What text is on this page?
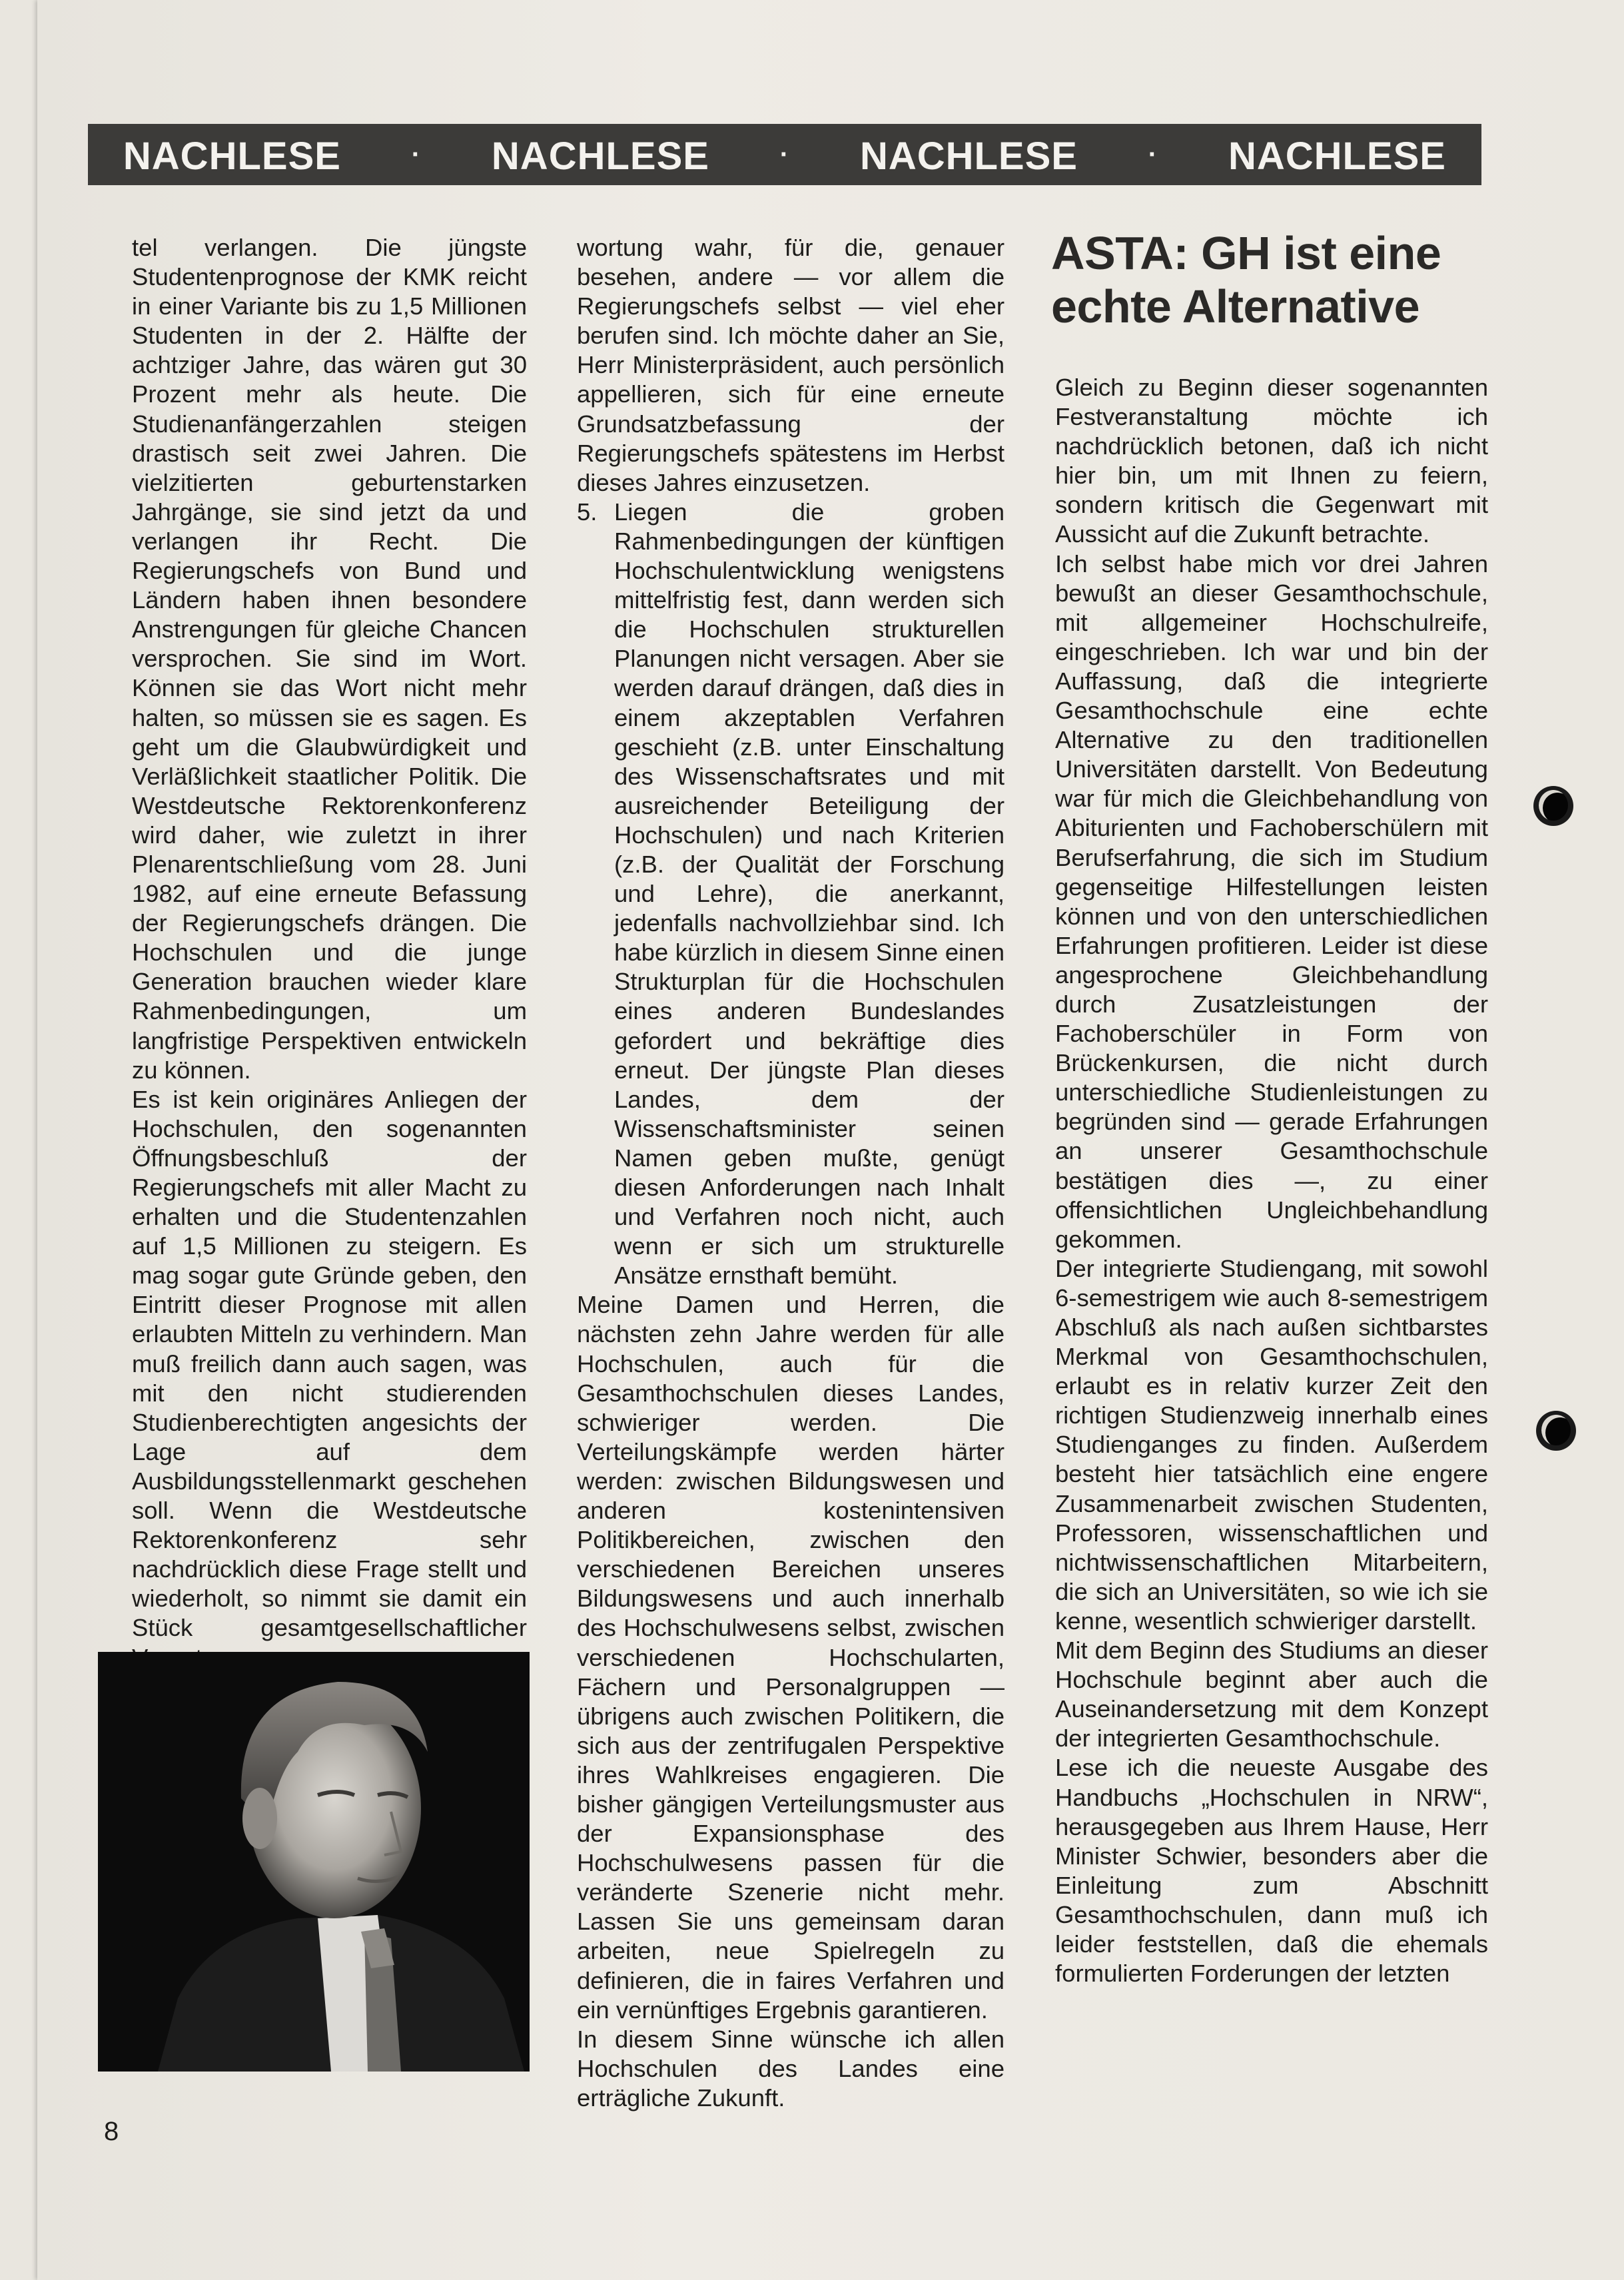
NACHLESE	· NACHLESE	· NACHLESE	· NACHLESE

tel verlangen. Die jüngste Studentenprognose der KMK reicht in einer Variante bis zu 1,5 Millionen Studenten in der 2. Hälfte der achtziger Jahre, das wären gut 30 Prozent mehr als heute. Die Studienanfängerzahlen steigen drastisch seit zwei Jahren. Die vielzitierten geburtenstarken Jahrgänge, sie sind jetzt da und verlangen ihr Recht. Die Regierungschefs von Bund und Ländern haben ihnen besondere Anstrengungen für gleiche Chancen versprochen. Sie sind im Wort. Können sie das Wort nicht mehr halten, so müssen sie es sagen. Es geht um die Glaubwürdigkeit und Verläßlichkeit staatlicher Politik. Die Westdeutsche Rektorenkonferenz wird daher, wie zuletzt in ihrer Plenarentschließung vom 28. Juni 1982, auf eine erneute Befassung der Regierungschefs drängen. Die Hochschulen und die junge Generation brauchen wieder klare Rahmenbedingungen, um langfristige Perspektiven entwickeln zu können.

Es ist kein originäres Anliegen der Hochschulen, den sogenannten Öffnungsbeschluß der Regierungschefs mit aller Macht zu erhalten und die Studentenzahlen auf 1,5 Millionen zu steigern. Es mag sogar gute Gründe geben, den Eintritt dieser Prognose mit allen erlaubten Mitteln zu verhindern. Man muß freilich dann auch sagen, was mit den nicht studierenden Studienberechtigten angesichts der Lage auf dem Ausbildungsstellenmarkt geschehen soll. Wenn die Westdeutsche Rektorenkonferenz sehr nachdrücklich diese Frage stellt und wiederholt, so nimmt sie damit ein Stück gesamtgesellschaftlicher

wortung wahr, für die, genauer besehen, andere — vor allem die Regierungschefs selbst — viel eher berufen sind. Ich möchte daher an Sie, Herr Ministerpräsident, auch persönlich appellieren, sich für eine erneute Grundsatzbefassung der Regierungschefs spätestens im Herbst dieses Jahres einzusetzen.

5. Liegen die groben Rahmenbedingungen der künftigen Hochschulentwicklung wenigstens mittelfristig fest, dann werden sich die Hochschulen strukturellen Planungen nicht versagen. Aber sie werden darauf drängen, daß dies in einem akzeptablen Verfahren geschieht (z.B. unter Einschaltung des Wissenschaftsrates und mit ausreichender Beteiligung der Hochschulen) und nach Kriterien (z.B. der Qualität der Forschung und Lehre), die anerkannt, jedenfalls nachvollziehbar sind. Ich habe kürzlich in diesem Sinne einen Strukturplan für die Hochschulen eines anderen Bundeslandes gefordert und bekräftige dies erneut. Der jüngste Plan dieses Landes, dem der Wissenschaftsminister seinen Namen geben mußte, genügt diesen Anforderungen nach Inhalt und Verfahren noch nicht, auch wenn er sich um strukturelle Ansätze ernsthaft bemüht.

Meine Damen und Herren, die nächsten zehn Jahre werden für alle Hochschulen, auch für die Gesamthochschulen dieses Landes, schwieriger werden. Die Verteilungskämpfe werden härter werden: zwischen Bildungswesen und anderen kostenintensiven Politikbereichen, zwischen den verschiedenen Bereichen unseres Bildungswesens und auch innerhalb des Hochschulwesens selbst, zwischen verschiedenen Hochschularten, Fächern und Personalgruppen — übrigens auch zwischen Politikern, die sich aus der zentrifugalen Perspektive ihres Wahlkreises engagieren. Die bisher gängigen Verteilungsmuster aus der Expansionsphase des Hochschulwesens passen für die veränderte Szenerie nicht mehr. Lassen Sie uns gemeinsam daran arbeiten, neue Spielregeln zu definieren, die in faires Verfahren und ein vernünftiges Ergebnis garantieren.

In diesem Sinne wünsche ich allen Hochschulen des Landes eine erträgliche Zukunft.

ASTA: GH ist eine echte Alternative

Gleich zu Beginn dieser sogenannten Festveranstaltung möchte ich nachdrücklich betonen, daß ich nicht hier bin, um mit Ihnen zu feiern, sondern kritisch die Gegenwart mit Aussicht auf die Zukunft betrachte.

Ich selbst habe mich vor drei Jahren bewußt an dieser Gesamthochschule, mit allgemeiner Hochschulreife, eingeschrieben. Ich war und bin der Auffassung, daß die integrierte Gesamthochschule eine echte Alternative zu den traditionellen Universitäten darstellt. Von Bedeutung war für mich die Gleichbehandlung von Abiturienten und Fachoberschülern mit Berufserfahrung, die sich im Studium gegenseitige Hilfestellungen leisten können und von den unterschiedlichen Erfahrungen profitieren. Leider ist diese angesprochene Gleichbehandlung durch Zusatzleistungen der Fachoberschüler in Form von Brückenkursen, die nicht durch unterschiedliche Studienleistungen zu begründen sind — gerade Erfahrungen an unserer Gesamthochschule bestätigen dies —, zu einer offensichtlichen Ungleichbehandlung gekommen.

Der integrierte Studiengang, mit sowohl 6-semestrigem wie auch 8-semestrigem Abschluß als nach außen sichtbarstes Merkmal von Gesamthochschulen, erlaubt es in relativ kurzer Zeit den richtigen Studienzweig innerhalb eines Studienganges zu finden. Außerdem besteht hier tatsächlich eine engere Zusammenarbeit zwischen Studenten, Professoren, wissenschaftlichen und nichtwissenschaftlichen Mitarbeitern, die sich an Universitäten, so wie ich sie kenne, wesentlich schwieriger darstellt.

Mit dem Beginn des Studiums an dieser Hochschule beginnt aber auch die Auseinandersetzung mit dem Konzept der integrierten Gesamthochschule.

Lese ich die neueste Ausgabe des Handbuchs „Hochschulen in NRW“, herausgegeben aus Ihrem Hause, Herr Minister Schwier, besonders aber die Einleitung zum Abschnitt Gesamthochschulen, dann muß ich leider feststellen, daß die ehemals formulierten Forderungen der letzten

8
